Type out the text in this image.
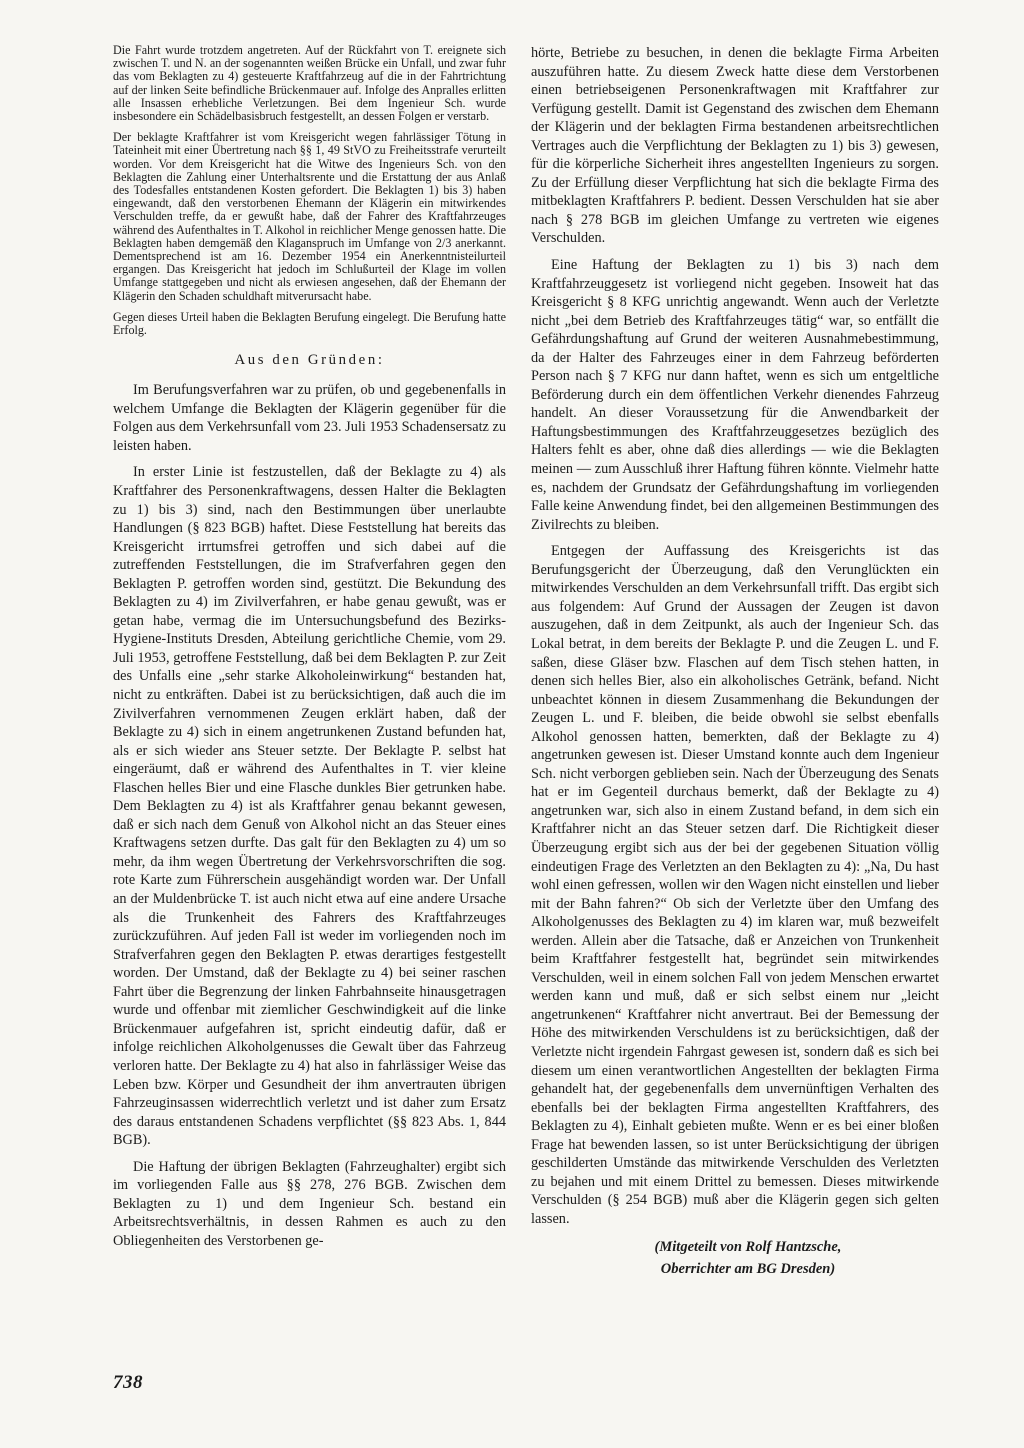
Die Fahrt wurde trotzdem angetreten. Auf der Rückfahrt von T. ereignete sich zwischen T. und N. an der sogenannten weißen Brücke ein Unfall, und zwar fuhr das vom Beklagten zu 4) gesteuerte Kraftfahrzeug auf die in der Fahrtrichtung auf der linken Seite befindliche Brückenmauer auf. Infolge des Anpralles erlitten alle Insassen erhebliche Verletzungen. Bei dem Ingenieur Sch. wurde insbesondere ein Schädelbasisbruch festgestellt, an dessen Folgen er verstarb.

Der beklagte Kraftfahrer ist vom Kreisgericht wegen fahrlässiger Tötung in Tateinheit mit einer Übertretung nach §§ 1, 49 StVO zu Freiheitsstrafe verurteilt worden. Vor dem Kreisgericht hat die Witwe des Ingenieurs Sch. von den Beklagten die Zahlung einer Unterhaltsrente und die Erstattung der aus Anlaß des Todesfalles entstandenen Kosten gefordert. Die Beklagten 1) bis 3) haben eingewandt, daß den verstorbenen Ehemann der Klägerin ein mitwirkendes Verschulden treffe, da er gewußt habe, daß der Fahrer des Kraftfahrzeuges während des Aufenthaltes in T. Alkohol in reichlicher Menge genossen hatte. Die Beklagten haben demgemäß den Klaganspruch im Umfange von 2/3 anerkannt. Dementsprechend ist am 16. Dezember 1954 ein Anerkenntnisteilurteil ergangen. Das Kreisgericht hat jedoch im Schlußurteil der Klage im vollen Umfange stattgegeben und nicht als erwiesen angesehen, daß der Ehemann der Klägerin den Schaden schuldhaft mitverursacht habe.

Gegen dieses Urteil haben die Beklagten Berufung eingelegt. Die Berufung hatte Erfolg.

Aus den Gründen:

Im Berufungsverfahren war zu prüfen, ob und gegebenenfalls in welchem Umfange die Beklagten der Klägerin gegenüber für die Folgen aus dem Verkehrsunfall vom 23. Juli 1953 Schadensersatz zu leisten haben.

In erster Linie ist festzustellen, daß der Beklagte zu 4) als Kraftfahrer des Personenkraftwagens, dessen Halter die Beklagten zu 1) bis 3) sind, nach den Bestimmungen über unerlaubte Handlungen (§ 823 BGB) haftet. Diese Feststellung hat bereits das Kreisgericht irrtumsfrei getroffen und sich dabei auf die zutreffenden Feststellungen, die im Strafverfahren gegen den Beklagten P. getroffen worden sind, gestützt. Die Bekundung des Beklagten zu 4) im Zivilverfahren, er habe genau gewußt, was er getan habe, vermag die im Untersuchungsbefund des Bezirks-Hygiene-Instituts Dresden, Abteilung gerichtliche Chemie, vom 29. Juli 1953, getroffene Feststellung, daß bei dem Beklagten P. zur Zeit des Unfalls eine „sehr starke Alkoholeinwirkung“ bestanden hat, nicht zu entkräften. Dabei ist zu berücksichtigen, daß auch die im Zivilverfahren vernommenen Zeugen erklärt haben, daß der Beklagte zu 4) sich in einem angetrunkenen Zustand befunden hat, als er sich wieder ans Steuer setzte. Der Beklagte P. selbst hat eingeräumt, daß er während des Aufenthaltes in T. vier kleine Flaschen helles Bier und eine Flasche dunkles Bier getrunken habe. Dem Beklagten zu 4) ist als Kraftfahrer genau bekannt gewesen, daß er sich nach dem Genuß von Alkohol nicht an das Steuer eines Kraftwagens setzen durfte. Das galt für den Beklagten zu 4) um so mehr, da ihm wegen Übertretung der Verkehrsvorschriften die sog. rote Karte zum Führerschein ausgehändigt worden war. Der Unfall an der Muldenbrücke T. ist auch nicht etwa auf eine andere Ursache als die Trunkenheit des Fahrers des Kraftfahrzeuges zurückzuführen. Auf jeden Fall ist weder im vorliegenden noch im Strafverfahren gegen den Beklagten P. etwas derartiges festgestellt worden. Der Umstand, daß der Beklagte zu 4) bei seiner raschen Fahrt über die Begrenzung der linken Fahrbahnseite hinausgetragen wurde und offenbar mit ziemlicher Geschwindigkeit auf die linke Brückenmauer aufgefahren ist, spricht eindeutig dafür, daß er infolge reichlichen Alkoholgenusses die Gewalt über das Fahrzeug verloren hatte. Der Beklagte zu 4) hat also in fahrlässiger Weise das Leben bzw. Körper und Gesundheit der ihm anvertrauten übrigen Fahrzeuginsassen widerrechtlich verletzt und ist daher zum Ersatz des daraus entstandenen Schadens verpflichtet (§§ 823 Abs. 1, 844 BGB).

Die Haftung der übrigen Beklagten (Fahrzeughalter) ergibt sich im vorliegenden Falle aus §§ 278, 276 BGB. Zwischen dem Beklagten zu 1) und dem Ingenieur Sch. bestand ein Arbeitsrechtsverhältnis, in dessen Rahmen es auch zu den Obliegenheiten des Verstorbenen ge-

hörte, Betriebe zu besuchen, in denen die beklagte Firma Arbeiten auszuführen hatte. Zu diesem Zweck hatte diese dem Verstorbenen einen betriebseigenen Personenkraftwagen mit Kraftfahrer zur Verfügung gestellt. Damit ist Gegenstand des zwischen dem Ehemann der Klägerin und der beklagten Firma bestandenen arbeitsrechtlichen Vertrages auch die Verpflichtung der Beklagten zu 1) bis 3) gewesen, für die körperliche Sicherheit ihres angestellten Ingenieurs zu sorgen. Zu der Erfüllung dieser Verpflichtung hat sich die beklagte Firma des mitbeklagten Kraftfahrers P. bedient. Dessen Verschulden hat sie aber nach § 278 BGB im gleichen Umfange zu vertreten wie eigenes Verschulden.

Eine Haftung der Beklagten zu 1) bis 3) nach dem Kraftfahrzeuggesetz ist vorliegend nicht gegeben. Insoweit hat das Kreisgericht § 8 KFG unrichtig angewandt. Wenn auch der Verletzte nicht „bei dem Betrieb des Kraftfahrzeuges tätig“ war, so entfällt die Gefährdungshaftung auf Grund der weiteren Ausnahmebestimmung, da der Halter des Fahrzeuges einer in dem Fahrzeug beförderten Person nach § 7 KFG nur dann haftet, wenn es sich um entgeltliche Beförderung durch ein dem öffentlichen Verkehr dienendes Fahrzeug handelt. An dieser Voraussetzung für die Anwendbarkeit der Haftungsbestimmungen des Kraftfahrzeuggesetzes bezüglich des Halters fehlt es aber, ohne daß dies allerdings — wie die Beklagten meinen — zum Ausschluß ihrer Haftung führen könnte. Vielmehr hatte es, nachdem der Grundsatz der Gefährdungshaftung im vorliegenden Falle keine Anwendung findet, bei den allgemeinen Bestimmungen des Zivilrechts zu bleiben.

Entgegen der Auffassung des Kreisgerichts ist das Berufungsgericht der Überzeugung, daß den Verunglückten ein mitwirkendes Verschulden an dem Verkehrsunfall trifft. Das ergibt sich aus folgendem: Auf Grund der Aussagen der Zeugen ist davon auszugehen, daß in dem Zeitpunkt, als auch der Ingenieur Sch. das Lokal betrat, in dem bereits der Beklagte P. und die Zeugen L. und F. saßen, diese Gläser bzw. Flaschen auf dem Tisch stehen hatten, in denen sich helles Bier, also ein alkoholisches Getränk, befand. Nicht unbeachtet können in diesem Zusammenhang die Bekundungen der Zeugen L. und F. bleiben, die beide obwohl sie selbst ebenfalls Alkohol genossen hatten, bemerkten, daß der Beklagte zu 4) angetrunken gewesen ist. Dieser Umstand konnte auch dem Ingenieur Sch. nicht verborgen geblieben sein. Nach der Überzeugung des Senats hat er im Gegenteil durchaus bemerkt, daß der Beklagte zu 4) angetrunken war, sich also in einem Zustand befand, in dem sich ein Kraftfahrer nicht an das Steuer setzen darf. Die Richtigkeit dieser Überzeugung ergibt sich aus der bei der gegebenen Situation völlig eindeutigen Frage des Verletzten an den Beklagten zu 4): „Na, Du hast wohl einen gefressen, wollen wir den Wagen nicht einstellen und lieber mit der Bahn fahren?“ Ob sich der Verletzte über den Umfang des Alkoholgenusses des Beklagten zu 4) im klaren war, muß bezweifelt werden. Allein aber die Tatsache, daß er Anzeichen von Trunkenheit beim Kraftfahrer festgestellt hat, begründet sein mitwirkendes Verschulden, weil in einem solchen Fall von jedem Menschen erwartet werden kann und muß, daß er sich selbst einem nur „leicht angetrunkenen“ Kraftfahrer nicht anvertraut. Bei der Bemessung der Höhe des mitwirkenden Verschuldens ist zu berücksichtigen, daß der Verletzte nicht irgendein Fahrgast gewesen ist, sondern daß es sich bei diesem um einen verantwortlichen Angestellten der beklagten Firma gehandelt hat, der gegebenenfalls dem unvernünftigen Verhalten des ebenfalls bei der beklagten Firma angestellten Kraftfahrers, des Beklagten zu 4), Einhalt gebieten mußte. Wenn er es bei einer bloßen Frage hat bewenden lassen, so ist unter Berücksichtigung der übrigen geschilderten Umstände das mitwirkende Verschulden des Verletzten zu bejahen und mit einem Drittel zu bemessen. Dieses mitwirkende Verschulden (§ 254 BGB) muß aber die Klägerin gegen sich gelten lassen.

(Mitgeteilt von Rolf Hantzsche,
Oberrichter am BG Dresden)
738
